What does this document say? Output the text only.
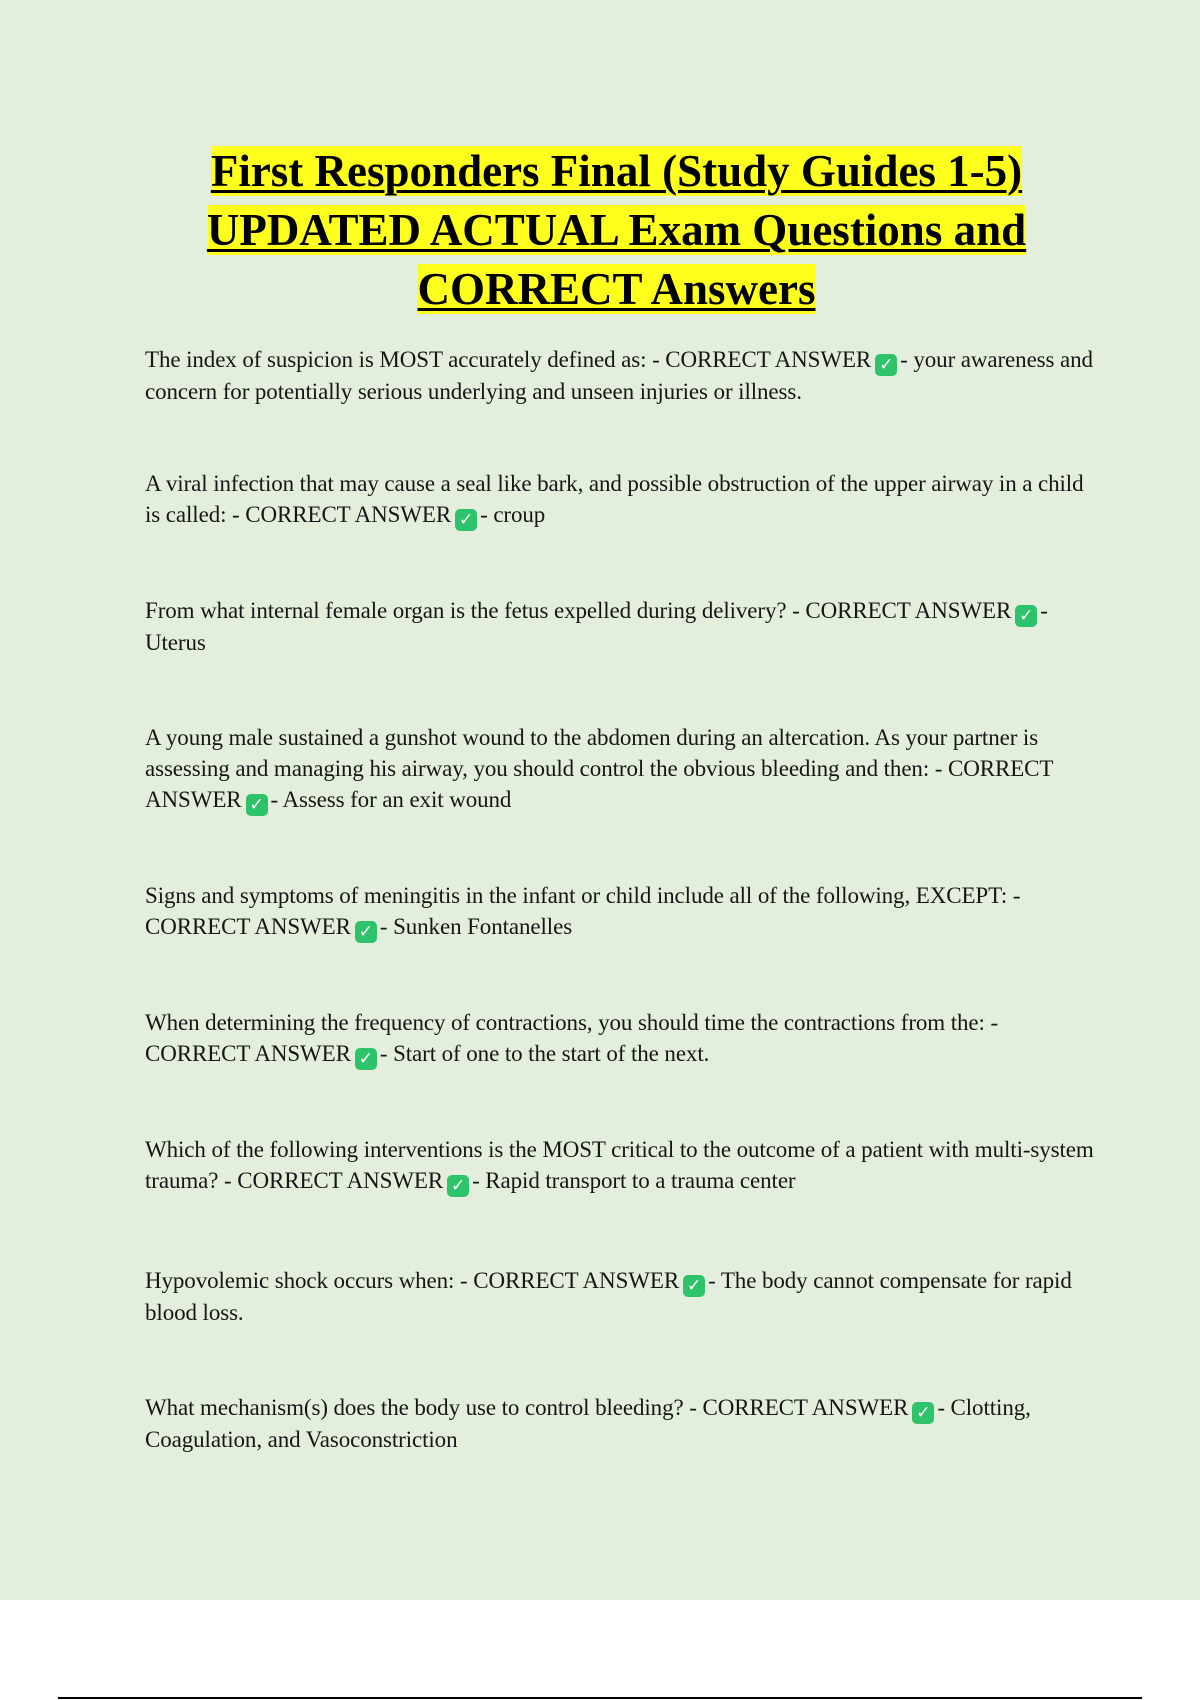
First Responders Final (Study Guides 1-5)
UPDATED ACTUAL Exam Questions and
CORRECT Answers
The index of suspicion is MOST accurately defined as: - CORRECT ANSWER ✓ - your awareness and concern for potentially serious underlying and unseen injuries or illness.
A viral infection that may cause a seal like bark, and possible obstruction of the upper airway in a child is called: - CORRECT ANSWER ✓ - croup
From what internal female organ is the fetus expelled during delivery? - CORRECT ANSWER ✓ - Uterus
A young male sustained a gunshot wound to the abdomen during an altercation. As your partner is assessing and managing his airway, you should control the obvious bleeding and then: - CORRECT ANSWER ✓ - Assess for an exit wound
Signs and symptoms of meningitis in the infant or child include all of the following, EXCEPT: - CORRECT ANSWER ✓ - Sunken Fontanelles
When determining the frequency of contractions, you should time the contractions from the: - CORRECT ANSWER ✓ - Start of one to the start of the next.
Which of the following interventions is the MOST critical to the outcome of a patient with multi-system trauma? - CORRECT ANSWER ✓ - Rapid transport to a trauma center
Hypovolemic shock occurs when: - CORRECT ANSWER ✓ - The body cannot compensate for rapid blood loss.
What mechanism(s) does the body use to control bleeding? - CORRECT ANSWER ✓ - Clotting, Coagulation, and Vasoconstriction
